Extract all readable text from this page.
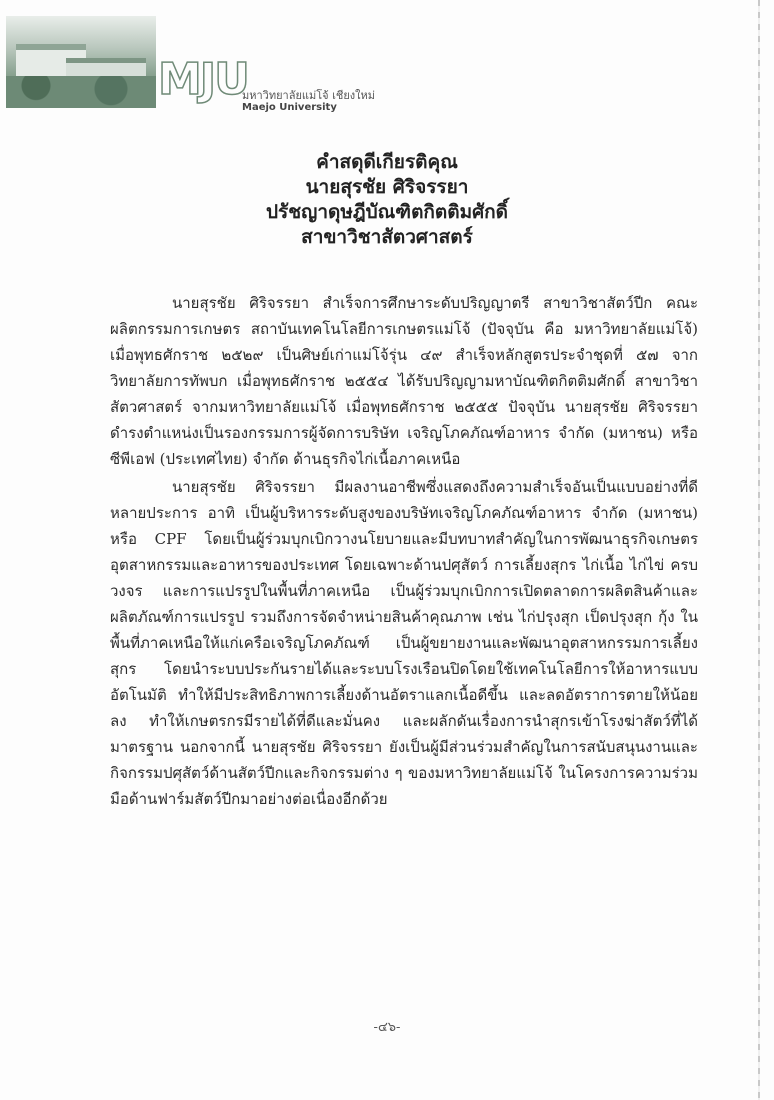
MJU
มหาวิทยาลัยแม่โจ้ เชียงใหม่
Maejo University
คำสดุดีเกียรติคุณ
นายสุรชัย ศิริจรรยา
ปรัชญาดุษฎีบัณฑิตกิตติมศักดิ์
สาขาวิชาสัตวศาสตร์

นายสุรชัย ศิริจรรยา สำเร็จการศึกษาระดับปริญญาตรี สาขาวิชาสัตว์ปีก คณะผลิตกรรมการเกษตร สถาบันเทคโนโลยีการเกษตรแม่โจ้ (ปัจจุบัน คือ มหาวิทยาลัยแม่โจ้) เมื่อพุทธศักราช ๒๕๒๙ เป็นศิษย์เก่าแม่โจ้รุ่น ๔๙ สำเร็จหลักสูตรประจำชุดที่ ๕๗ จากวิทยาลัยการทัพบก เมื่อพุทธศักราช ๒๕๕๔ ได้รับปริญญามหาบัณฑิตกิตติมศักดิ์ สาขาวิชาสัตวศาสตร์ จากมหาวิทยาลัยแม่โจ้ เมื่อพุทธศักราช ๒๕๕๕ ปัจจุบัน นายสุรชัย ศิริจรรยา ดำรงตำแหน่งเป็นรองกรรมการผู้จัดการบริษัท เจริญโภคภัณฑ์อาหาร จำกัด (มหาชน) หรือ ซีพีเอฟ (ประเทศไทย) จำกัด ด้านธุรกิจไก่เนื้อภาคเหนือ

นายสุรชัย ศิริจรรยา มีผลงานอาชีพซึ่งแสดงถึงความสำเร็จอันเป็นแบบอย่างที่ดีหลายประการ อาทิ เป็นผู้บริหารระดับสูงของบริษัทเจริญโภคภัณฑ์อาหาร จำกัด (มหาชน) หรือ CPF โดยเป็นผู้ร่วมบุกเบิกวางนโยบายและมีบทบาทสำคัญในการพัฒนาธุรกิจเกษตร อุตสาหกรรมและอาหารของประเทศ โดยเฉพาะด้านปศุสัตว์ การเลี้ยงสุกร ไก่เนื้อ ไก่ไข่ ครบวงจร และการแปรรูปในพื้นที่ภาคเหนือ เป็นผู้ร่วมบุกเบิกการเปิดตลาดการผลิตสินค้าและผลิตภัณฑ์การแปรรูป รวมถึงการจัดจำหน่ายสินค้าคุณภาพ เช่น ไก่ปรุงสุก เป็ดปรุงสุก กุ้ง ในพื้นที่ภาคเหนือให้แก่เครือเจริญโภคภัณฑ์ เป็นผู้ขยายงานและพัฒนาอุตสาหกรรมการเลี้ยงสุกร โดยนำระบบประกันรายได้และระบบโรงเรือนปิดโดยใช้เทคโนโลยีการให้อาหารแบบอัตโนมัติ ทำให้มีประสิทธิภาพการเลี้ยงด้านอัตราแลกเนื้อดีขึ้น และลดอัตราการตายให้น้อยลง ทำให้เกษตรกรมีรายได้ที่ดีและมั่นคง และผลักดันเรื่องการนำสุกรเข้าโรงฆ่าสัตว์ที่ได้มาตรฐาน นอกจากนี้ นายสุรชัย ศิริจรรยา ยังเป็นผู้มีส่วนร่วมสำคัญในการสนับสนุนงานและกิจกรรมปศุสัตว์ด้านสัตว์ปีกและกิจกรรมต่าง ๆ ของมหาวิทยาลัยแม่โจ้ ในโครงการความร่วมมือด้านฟาร์มสัตว์ปีกมาอย่างต่อเนื่องอีกด้วย

-๔๖-
